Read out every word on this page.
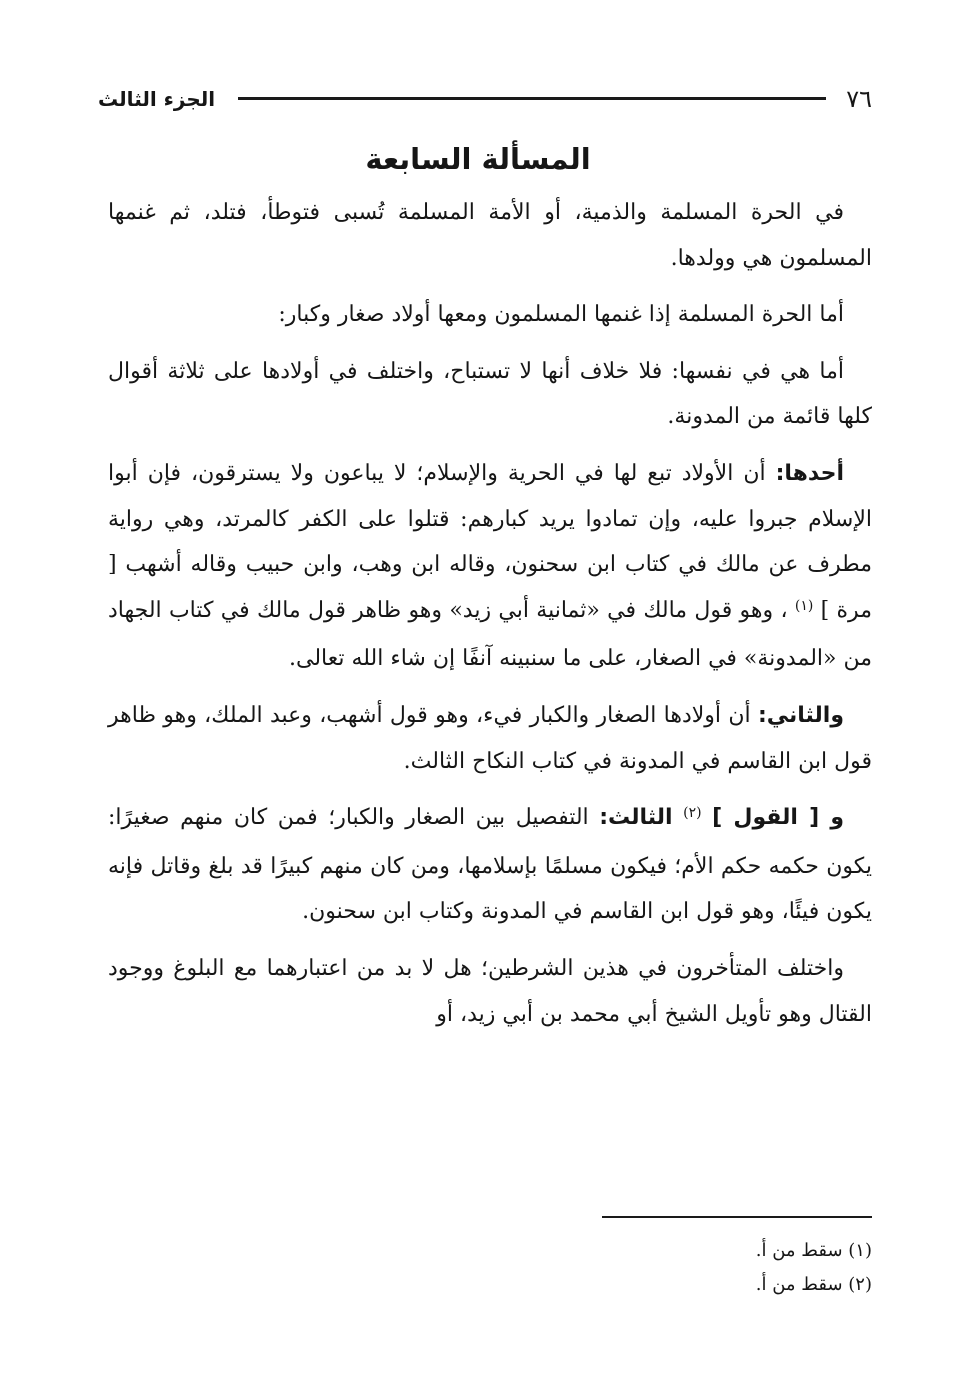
٧٦
الجزء الثالث
المسألة السابعة

في الحرة المسلمة والذمية، أو الأمة المسلمة تُسبى فتوطأ، فتلد، ثم غنمها المسلمون هي وولدها.

أما الحرة المسلمة إذا غنمها المسلمون ومعها أولاد صغار وكبار:

أما هي في نفسها: فلا خلاف أنها لا تستباح، واختلف في أولادها على ثلاثة أقوال كلها قائمة من المدونة.

أحدها: أن الأولاد تبع لها في الحرية والإسلام؛ لا يباعون ولا يسترقون، فإن أبوا الإسلام جبروا عليه، وإن تمادوا يريد كبارهم: قتلوا على الكفر كالمرتد، وهي رواية مطرف عن مالك في كتاب ابن سحنون، وقاله ابن وهب، وابن حبيب وقاله أشهب [ مرة ] $^{(١)}$ ، وهو قول مالك في «ثمانية أبي زيد» وهو ظاهر قول مالك في كتاب الجهاد من «المدونة» في الصغار، على ما سنبينه آنفًا إن شاء الله تعالى.

والثاني: أن أولادها الصغار والكبار فيء، وهو قول أشهب، وعبد الملك، وهو ظاهر قول ابن القاسم في المدونة في كتاب النكاح الثالث.

و [ القول ] $^{(٢)}$ الثالث: التفصيل بين الصغار والكبار؛ فمن كان منهم صغيرًا: يكون حكمه حكم الأم؛ فيكون مسلمًا بإسلامها، ومن كان منهم كبيرًا قد بلغ وقاتل فإنه يكون فيئًا، وهو قول ابن القاسم في المدونة وكتاب ابن سحنون.

واختلف المتأخرون في هذين الشرطين؛ هل لا بد من اعتبارهما مع البلوغ ووجود القتال وهو تأويل الشيخ أبي محمد بن أبي زيد، أو

(١) سقط من أ.
(٢) سقط من أ.
